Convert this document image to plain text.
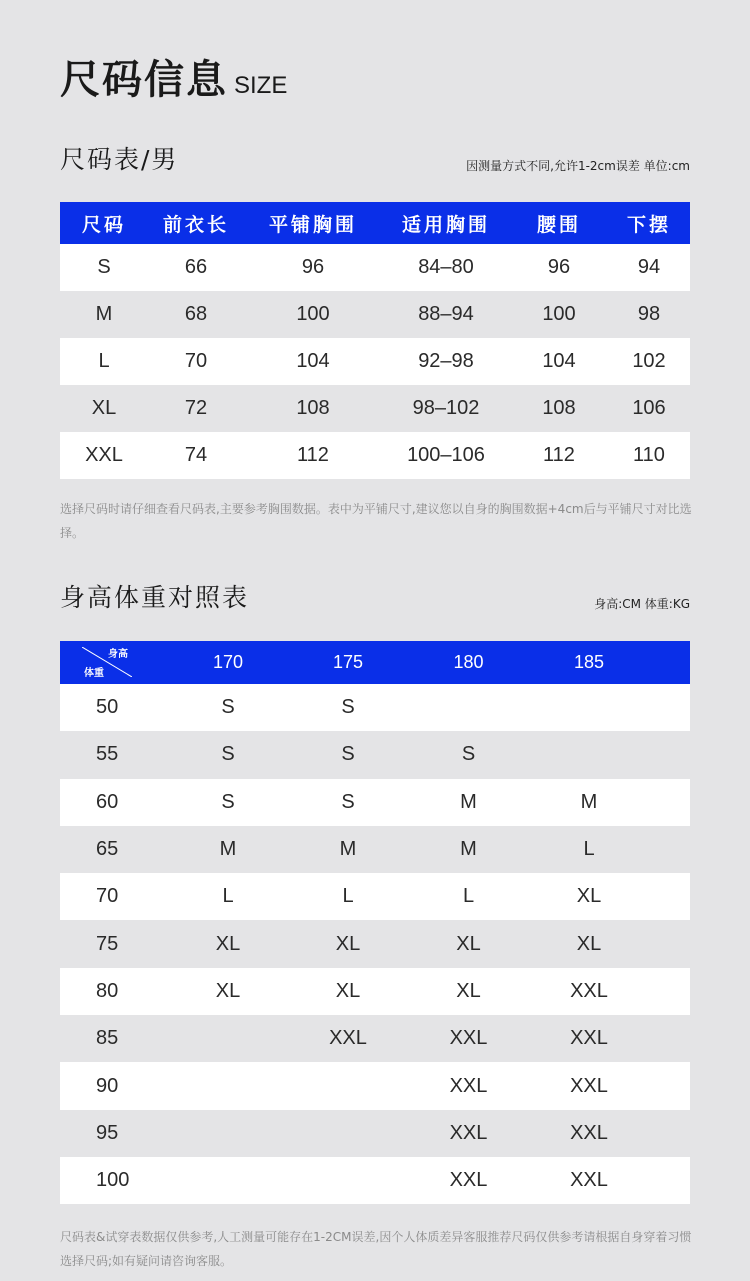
尺码信息 SIZE
尺码表/男	因测量方式不同,允许1-2cm误差 单位:cm
尺码	前衣长	平铺胸围	适用胸围	腰围	下摆
S	66	96	84–80	96	94
M	68	100	88–94	100	98
L	70	104	92–98	104	102
XL	72	108	98–102	108	106
XXL	74	112	100–106	112	110
选择尺码时请仔细查看尺码表,主要参考胸围数据。表中为平铺尺寸,建议您以自身的胸围数据+4cm后与平铺尺寸对比选择。
身高体重对照表	身高:CM 体重:KG
身高
体重	170	175	180	185	
50	S	S			
55	S	S	S		
60	S	S	M	M	
65	M	M	M	L	
70	L	L	L	XL	
75	XL	XL	XL	XL	
80	XL	XL	XL	XXL	
85		XXL	XXL	XXL	
90			XXL	XXL	
95			XXL	XXL	
100			XXL	XXL	
尺码表&试穿表数据仅供参考,人工测量可能存在1-2CM误差,因个人体质差异客服推荐尺码仅供参考请根据自身穿着习惯选择尺码;如有疑问请咨询客服。
